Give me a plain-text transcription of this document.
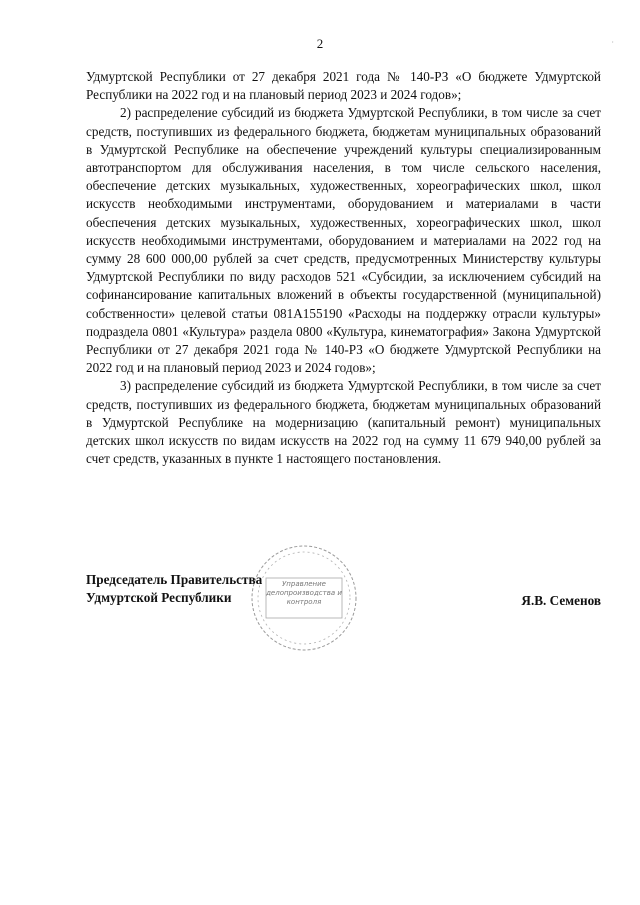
2	·

Удмуртской Республики от 27 декабря 2021 года № 140-РЗ «О бюджете Удмуртской Республики на 2022 год и на плановый период 2023 и 2024 годов»;

2) распределение субсидий из бюджета Удмуртской Республики, в том числе за счет средств, поступивших из федерального бюджета, бюджетам муниципальных образований в Удмуртской Республике на обеспечение учреждений культуры специализированным автотранспортом для обслуживания населения, в том числе сельского населения, обеспечение детских музыкальных, художественных, хореографических школ, школ искусств необходимыми инструментами, оборудованием и материалами в части обеспечения детских музыкальных, художественных, хореографических школ, школ искусств необходимыми инструментами, оборудованием и материалами на 2022 год на сумму 28 600 000,00 рублей за счет средств, предусмотренных Министерству культуры Удмуртской Республики по виду расходов 521 «Субсидии, за исключением субсидий на софинансирование капитальных вложений в объекты государственной (муниципальной) собственности» целевой статьи 081A155190 «Расходы на поддержку отрасли культуры» подраздела 0801 «Культура» раздела 0800 «Культура, кинематография» Закона Удмуртской Республики от 27 декабря 2021 года № 140-РЗ «О бюджете Удмуртской Республики на 2022 год и на плановый период 2023 и 2024 годов»;

3) распределение субсидий из бюджета Удмуртской Республики, в том числе за счет средств, поступивших из федерального бюджета, бюджетам муниципальных образований в Удмуртской Республике на модернизацию (капитальный ремонт) муниципальных детских школ искусств по видам искусств на 2022 год на сумму 11 679 940,00 рублей за счет средств, указанных в пункте 1 настоящего постановления.

Управление делопроизводства и контроля
Председатель Правительства
Удмуртской Республики	Я.В. Семенов
